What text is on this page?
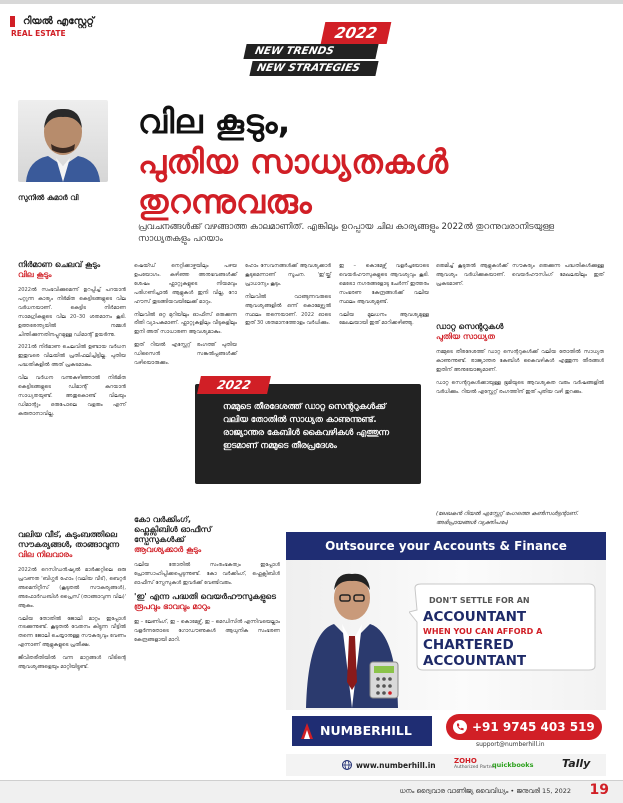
റിയൽ എസ്റ്റേറ്റ്
REAL ESTATE	2022
NEW TRENDS
NEW STRATEGIES
സുനിൽ കുമാർ വി
വില കൂടും,
പുതിയ സാധ്യതകൾ
തുറന്നുവരും
പ്രവചനങ്ങൾക്ക് വഴങ്ങാത്ത കാലമാണിത്. എങ്കിലും ഉറപ്പായ ചില കാര്യങ്ങളും 2022ൽ തുറന്നുവരാനിടയുള്ള സാധ്യതകളും പറയാം
നിർമാണ ചെലവ് കൂടും
വില കൂടും

2022ൽ സംഭവിക്കുമെന്ന് ഉറപ്പിച്ച് പറയാൻ പറ്റുന്ന കാര്യം നിർമിത കെട്ടിടങ്ങളുടെ വില വർധനയാണ്. കെട്ടിട നിർമാണ സാമഗ്രികളുടെ വില 20–30 ശതമാനം കൂടി. ഉത്തരേന്ത്യയിൽ നമ്മൾ ചിന്തിക്കുന്നതിനപ്പുറമുള്ള ഡിമാന്റ് ഉയർന്നു.

2021ൽ നിർമാണ ചെലവിൽ ഉണ്ടായ വർധന ഇതുവരെ വിലയിൽ പ്രതിഫലിച്ചിട്ടില്ല. പുതിയ പദ്ധതികളിൽ അത് പ്രകടമാകും.

വില വർധന വന്നുകഴിഞ്ഞാൽ നിർമിത കെട്ടിടങ്ങളുടെ ഡിമാന്റ് കുറയാൻ സാധ്യതയുണ്ട്. അതുകൊണ്ട് വിലയും ഡിമാന്റും ഒരുപോലെ വളരും എന്ന് കരുതാനാവില്ല.

വലിയ വീട്, കുടുംബത്തിലെ
സൗകര്യങ്ങൾ, താങ്ങാവുന്ന
വില നിലവാരം

2022ൽ റെസിഡൻഷ്യൽ മാർക്കറ്റിലെ ഒരു പ്രവണത 'ബിഗ്ഗർ ഹോം (വലിയ വീട്), ബെറ്റർ അമെനിറ്റീസ് (കൂടുതൽ സൗകര്യങ്ങൾ), അഫോർഡബിൾ പ്രൈസ് (താങ്ങാവുന്ന വില)' ആകും.

വലിയ തോതിൽ ജോലി മാറ്റം ഇപ്പോൾ നടക്കുന്നുണ്ട്. കൂടുതൽ വേതനം കിട്ടുന്ന വീട്ടിൽ തന്നെ ജോലി ചെയ്യാനുള്ള സൗകര്യവും വേണം എന്നാണ് ആളുകളുടെ പ്രതീക്ഷ.

ജീവിതരീതിയിൽ വന്ന മാറ്റങ്ങൾ വീടിന്റെ ആവശ്യങ്ങളെയും മാറ്റിയിട്ടുണ്ട്.

ഷെയ്ഡ് നെറ്റിക്കാഴ്ചയിലും പഴയ ഉപയോഗം. കഴിഞ്ഞ അനുഭവങ്ങൾക്ക് ശേഷം ഫ്ലാറ്റുകളുടെ നിയമവും പരിഗണിച്ചാൽ ആളുകൾ ഇനി വില്ല, റോ ഹൗസ് തുടങ്ങിയവയിലേക്ക് മാറും.

നിലവിൽ ഒറ്റ മുറിയിലും ഓഫീസ് ഒരുക്കുന്ന രീതി വ്യാപകമാണ്. ഫ്ലാറ്റുകളിലും വീടുകളിലും ഇനി അത് സാധാരണ ആവശ്യമാകും.

ഇത് റിയൽ എസ്റ്റേറ്റ് രംഗത്ത് പുതിയ ഡിസൈൻ സങ്കൽപ്പങ്ങൾക്ക് വഴിയൊരുക്കും.

ഹോം സേവനങ്ങൾക്ക് ആവശ്യക്കാർ കൂടുമെന്നാണ് സൂചന. 'ഇ'യ്ക്ക് പ്രാധാന്യം കൂടും.

നിലവിൽ വാങ്ങുന്നവരുടെ ആവശ്യങ്ങളിൽ ഒന്ന് കൊമേഴ്സ്യൽ സ്ഥലം തന്നെയാണ്. 2022 ഓടെ ഇത് 30 ശതമാനത്തോളം വർധിക്കും.

ഇ – കൊമേഴ്സ് വളർച്ചയോടെ വെയർഹൗസുകളുടെ ആവശ്യവും കൂടി. മെട്രോ നഗരങ്ങളോടു ചേർന്ന് ഇത്തരം സംഭരണ കേന്ദ്രങ്ങൾക്ക് വലിയ സ്ഥലം ആവശ്യമുണ്ട്.

വലിയ മൂലധനം ആവശ്യമുള്ള മേഖലയായി ഇത് മാറിക്കഴിഞ്ഞു.

ഒരുമിച്ച് കൂടുതൽ ആളുകൾക്ക് സൗകര്യം ഒരുക്കുന്ന പദ്ധതികൾക്കുള്ള ആവശ്യം വർധിക്കുകയാണ്. വെയർഹൗസിംഗ് മേഖലയിലും ഇത് പ്രകടമാണ്.

ഡാറ്റ സെന്ററുകൾ
പുതിയ സാധ്യത

നമ്മുടെ തീരദേശത്ത് ഡാറ്റ സെന്ററുകൾക്ക് വലിയ തോതിൽ സാധ്യത കാണുന്നുണ്ട്. രാജ്യാന്തര കേബിൾ കൈവഴികൾ എത്തുന്ന തീരങ്ങൾ ഇതിന് അനുയോജ്യമാണ്.

ഡാറ്റ സെന്ററുകൾക്കായുള്ള ഭൂമിയുടെ ആവശ്യകത വരും വർഷങ്ങളിൽ വർധിക്കും. റിയൽ എസ്റ്റേറ്റ് രംഗത്തിന് ഇത് പുതിയ വഴി തുറക്കും.

കോ വർക്കിംഗ്,
ഫ്ലെക്സിബിൾ ഓഫീസ്
സ്പേസുകൾക്ക്
ആവശ്യക്കാർ കൂടും

വലിയ തോതിൽ സംരംഭകത്വം ഇപ്പോൾ പ്രോത്സാഹിപ്പിക്കപ്പെടുന്നുണ്ട്. കോ വർക്കിംഗ്, ഫ്ലെക്സിബിൾ ഓഫീസ് സ്പേസുകൾ ഇവർക്ക് വേണ്ടിവരും.

'ഇ' എന്ന പദ്ധതി വെയർഹൗസുകളുടെ
രൂപവും ഭാവവും മാറും

ഇ – ലേണിംഗ്, ഇ – കൊമേഴ്സ്, ഇ – മെഡിസിൻ എന്നിവയെല്ലാം വളർന്നതോടെ ഗോഡൗണുകൾ ആധുനിക സംഭരണ കേന്ദ്രങ്ങളായി മാറി.

2022
നമ്മുടെ തീരദേശത്ത് ഡാറ്റ സെന്ററുകൾക്ക് വലിയ തോതിൽ സാധ്യത കാണുന്നുണ്ട്. രാജ്യാന്തര കേബിൾ കൈവഴികൾ എത്തുന്ന ഇടമാണ് നമ്മുടെ തീരപ്രദേശം
(ലേഖകൻ റിയൽ എസ്റ്റേറ്റ് രംഗത്തെ കൺസൾട്ടന്റാണ്. അഭിപ്രായങ്ങൾ വ്യക്തിപരം)
Outsource your Accounts & Finance
DON'T SETTLE FOR AN
ACCOUNTANT
WHEN YOU CAN AFFORD A
CHARTERED
ACCOUNTANT
NUMBERHILL	+91 9745 403 519
support@numberhill.in
www.numberhill.in	ZOHO
Authorized Partner
quickbooks	Tally
ധനം ദ്വൈവാര വാണിജ്യ വൈവിധ്യം • ജനുവരി 15, 2022 19
